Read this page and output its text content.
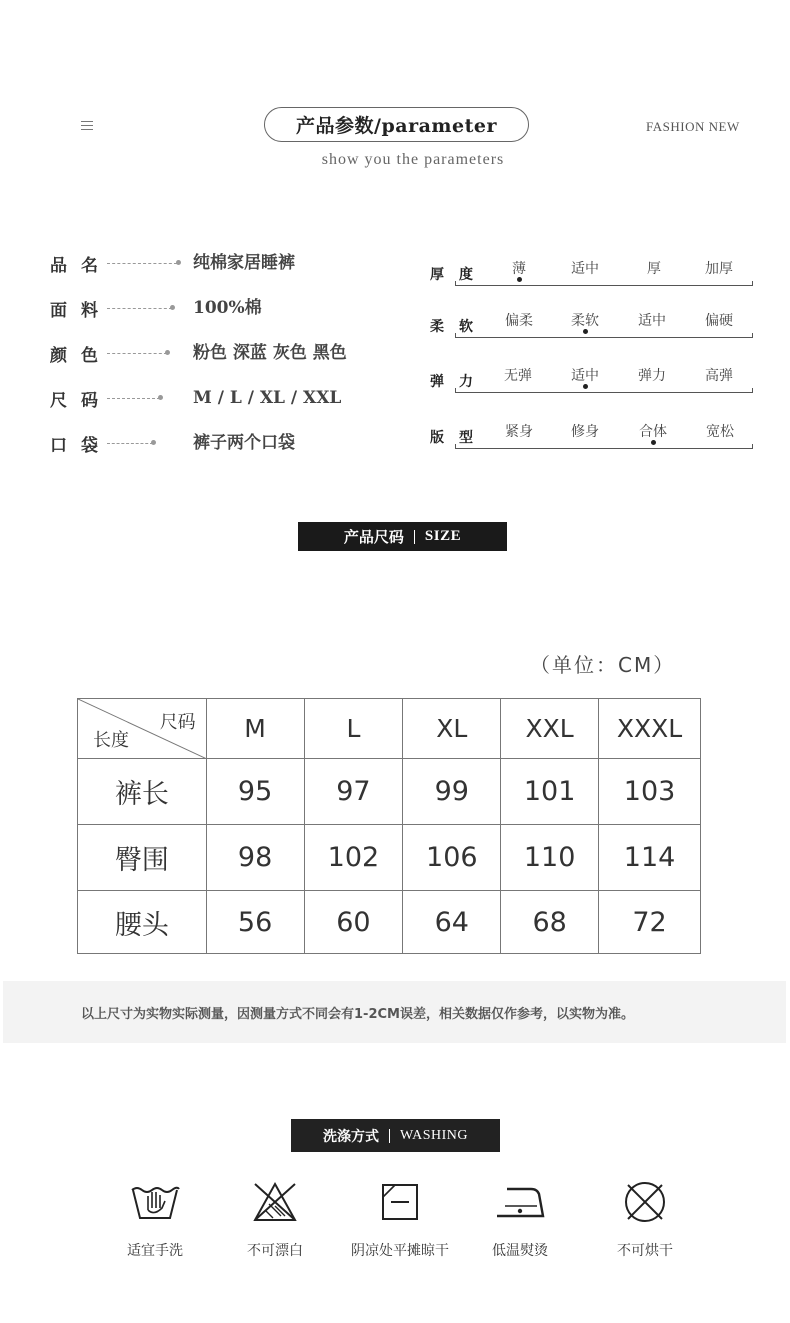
产品参数/parameter	FASHION NEW
show you the parameters
品名	纯棉家居睡裤
面料	100%棉
颜色	粉色 深蓝 灰色 黑色
尺码	M / L / XL / XXL
口袋	裤子两个口袋
厚度	薄	适中	厚	加厚
柔软	偏柔	柔软	适中	偏硬
弹力	无弹	适中	弹力	高弹
版型	紧身	修身	合体	宽松
产品尺码 SIZE
（单位：CM）
尺码
长度	M	L	XL	XXL	XXXL
裤长	95	97	99	101	103
臀围	98	102	106	110	114
腰头	56	60	64	68	72
以上尺寸为实物实际测量，因测量方式不同会有1-2CM误差，相关数据仅作参考，以实物为准。
洗涤方式 WASHING
适宜手洗	不可漂白	阴凉处平摊晾干	低温熨烫	不可烘干
